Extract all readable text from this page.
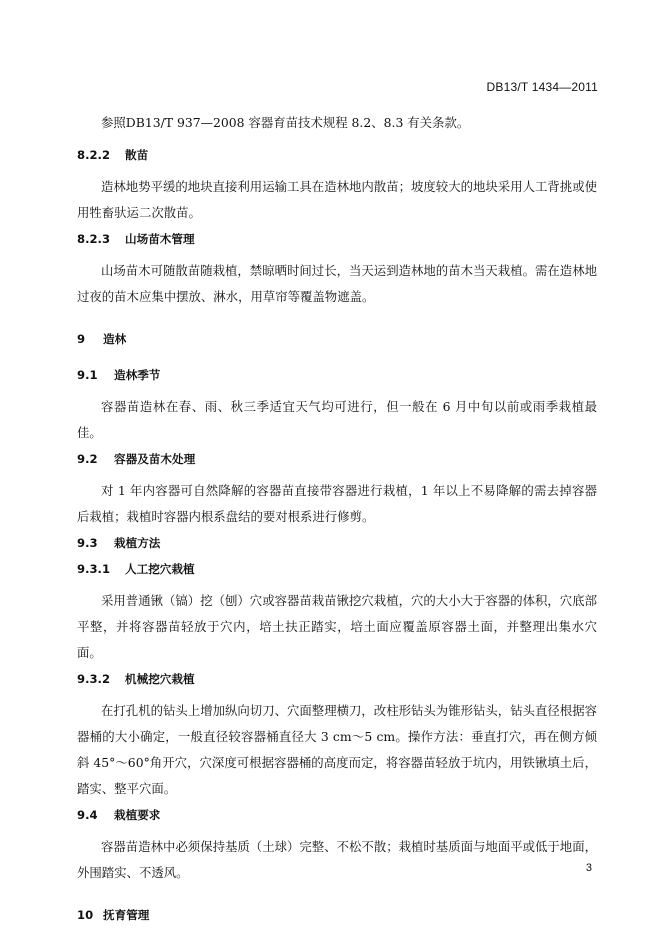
DB13/T 1434—2011

参照DB13/T 937—2008 容器育苗技术规程 8.2、8.3 有关条款。

8.2.2	散苗

造林地势平缓的地块直接利用运输工具在造林地内散苗；坡度较大的地块采用人工背挑或使用牲畜驮运二次散苗。

8.2.3	山场苗木管理

山场苗木可随散苗随栽植，禁晾晒时间过长，当天运到造林地的苗木当天栽植。需在造林地过夜的苗木应集中摆放、淋水，用草帘等覆盖物遮盖。

9	造林
9.1	造林季节

容器苗造林在春、雨、秋三季适宜天气均可进行，但一般在 6 月中旬以前或雨季栽植最佳。

9.2	容器及苗木处理

对 1 年内容器可自然降解的容器苗直接带容器进行栽植，1 年以上不易降解的需去掉容器后栽植；栽植时容器内根系盘结的要对根系进行修剪。

9.3	栽植方法
9.3.1	人工挖穴栽植

采用普通锹（镐）挖（刨）穴或容器苗栽苗锹挖穴栽植，穴的大小大于容器的体积，穴底部平整，并将容器苗轻放于穴内，培土扶正踏实，培土面应覆盖原容器土面，并整理出集水穴面。

9.3.2	机械挖穴栽植

在打孔机的钻头上增加纵向切刀、穴面整理横刀，改柱形钻头为锥形钻头，钻头直径根据容器桶的大小确定，一般直径较容器桶直径大 3 cm～5 cm。操作方法：垂直打穴，再在侧方倾斜 45°～60°角开穴，穴深度可根据容器桶的高度而定，将容器苗轻放于坑内，用铁锹填土后，踏实、整平穴面。

9.4	栽植要求

容器苗造林中必须保持基质（土球）完整、不松不散；栽植时基质面与地面平或低于地面，外围踏实、不透风。

10 抚育管理
3
